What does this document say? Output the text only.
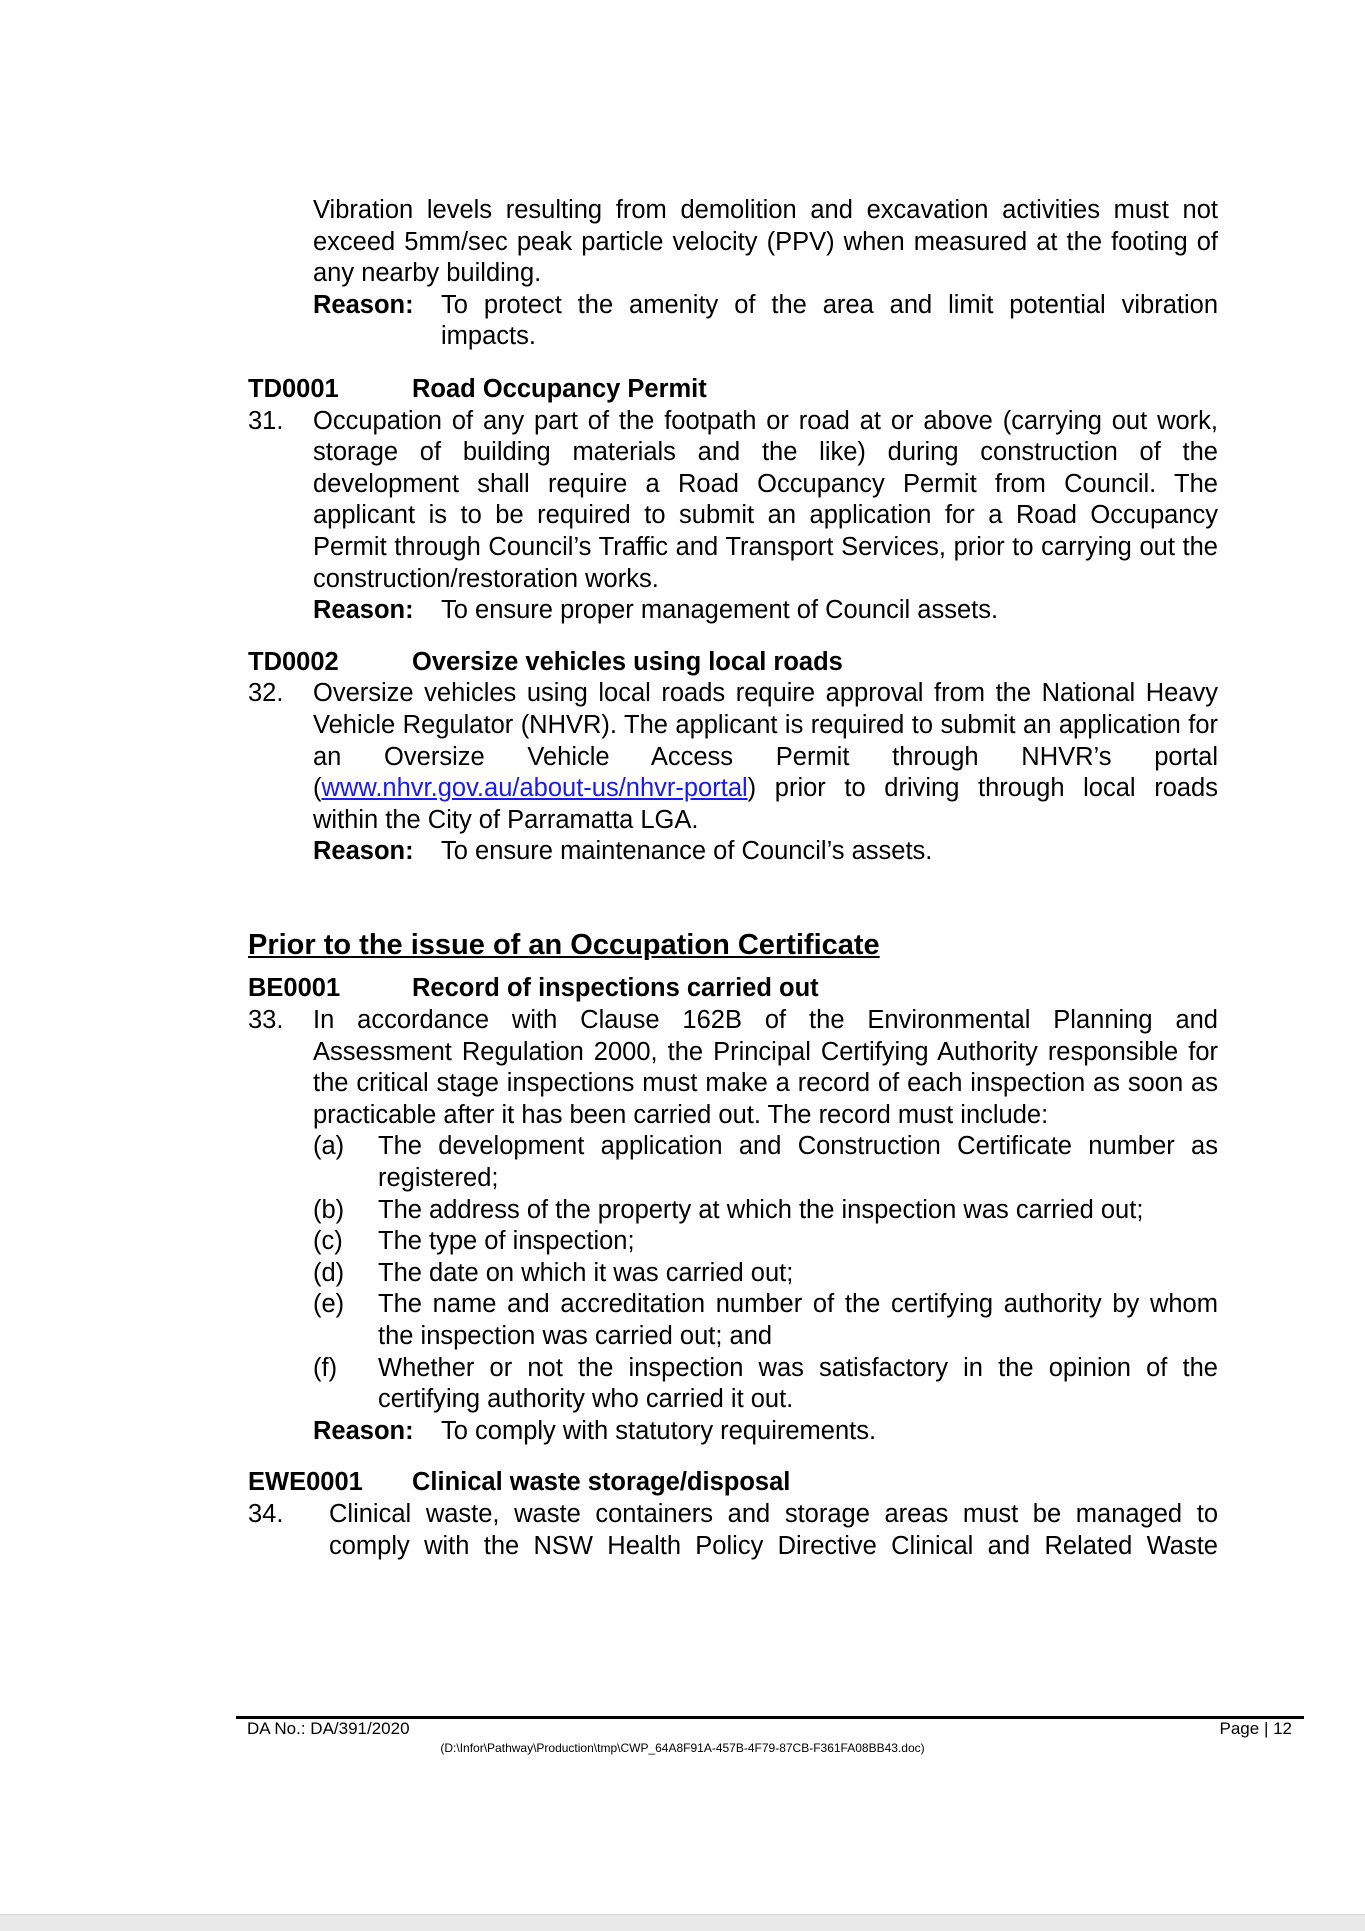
Vibration levels resulting from demolition and excavation activities must not exceed 5mm/sec peak particle velocity (PPV) when measured at the footing of any nearby building.
Reason:	To protect the amenity of the area and limit potential vibration impacts.
TD0001	Road Occupancy Permit
31.	Occupation of any part of the footpath or road at or above (carrying out work, storage of building materials and the like) during construction of the development shall require a Road Occupancy Permit from Council. The applicant is to be required to submit an application for a Road Occupancy Permit through Council’s Traffic and Transport Services, prior to carrying out the construction/restoration works.
Reason:	To ensure proper management of Council assets.
TD0002	Oversize vehicles using local roads
32.	Oversize vehicles using local roads require approval from the National Heavy Vehicle Regulator (NHVR). The applicant is required to submit an application for an Oversize Vehicle Access Permit through NHVR’s portal (www.nhvr.gov.au/about-us/nhvr-portal) prior to driving through local roads within the City of Parramatta LGA.
Reason:	To ensure maintenance of Council’s assets.
Prior to the issue of an Occupation Certificate
BE0001	Record of inspections carried out
33.	In accordance with Clause 162B of the Environmental Planning and Assessment Regulation 2000, the Principal Certifying Authority responsible for the critical stage inspections must make a record of each inspection as soon as practicable after it has been carried out. The record must include:
(a)	The development application and Construction Certificate number as registered;
(b)	The address of the property at which the inspection was carried out;
(c)	The type of inspection;
(d)	The date on which it was carried out;
(e)	The name and accreditation number of the certifying authority by whom the inspection was carried out; and
(f)	Whether or not the inspection was satisfactory in the opinion of the certifying authority who carried it out.
Reason:	To comply with statutory requirements.
EWE0001	Clinical waste storage/disposal
34.	Clinical waste, waste containers and storage areas must be managed to comply with the NSW Health Policy Directive Clinical and Related Waste
DA No.: DA/391/2020	Page | 12
(D:\Infor\Pathway\Production\tmp\CWP_64A8F91A-457B-4F79-87CB-F361FA08BB43.doc)
